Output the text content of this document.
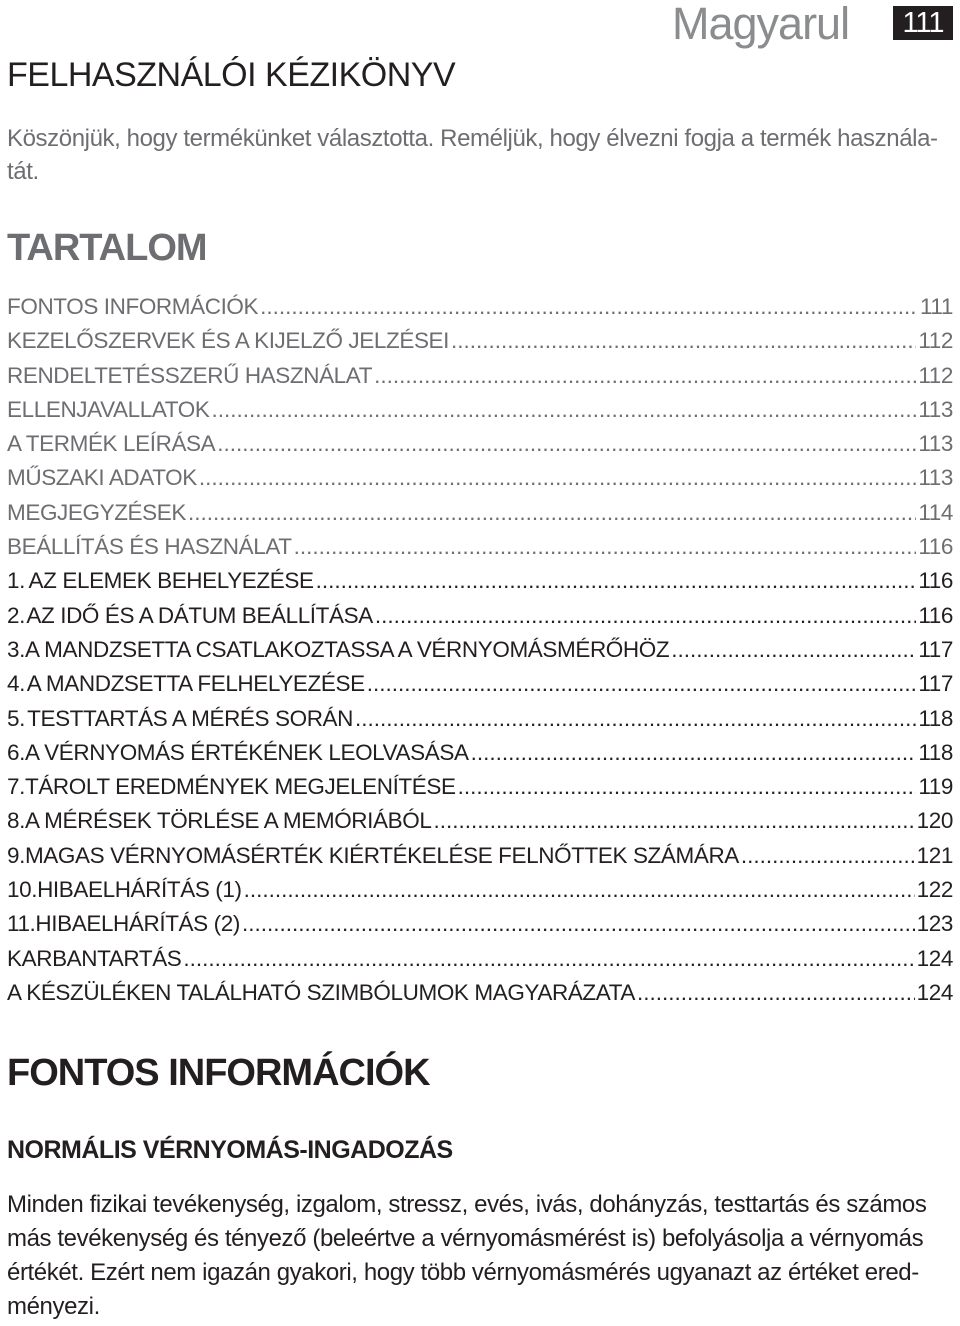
Magyarul	111
FELHASZNÁLÓI KÉZIKÖNYV
Köszönjük, hogy termékünket választotta. Reméljük, hogy élvezni fogja a termék használa-
tát.
TARTALOM
FONTOS INFORMÁCIÓK .....	111
KEZELŐSZERVEK ÉS A KIJELZŐ JELZÉSEI .....	112
RENDELTETÉSSZERŰ HASZNÁLAT .....	112
ELLENJAVALLATOK .....	113
A TERMÉK LEÍRÁSA .....	113
MŰSZAKI ADATOK .....	113
MEGJEGYZÉSEK .....	114
BEÁLLÍTÁS ÉS HASZNÁLAT .....	116
1. AZ ELEMEK BEHELYEZÉSE .....	116
2. AZ IDŐ ÉS A DÁTUM BEÁLLÍTÁSA .....	116
3. A MANDZSETTA CSATLAKOZTASSA A VÉRNYOMÁSMÉRŐHÖZ .....	117
4. A MANDZSETTA FELHELYEZÉSE .....	117
5. TESTTARTÁS A MÉRÉS SORÁN .....	118
6. A VÉRNYOMÁS ÉRTÉKÉNEK LEOLVASÁSA .....	118
7. TÁROLT EREDMÉNYEK MEGJELENÍTÉSE .....	119
8. A MÉRÉSEK TÖRLÉSE A MEMÓRIÁBÓL .....	120
9. MAGAS VÉRNYOMÁSÉRTÉK KIÉRTÉKELÉSE FELNŐTTEK SZÁMÁRA .....	121
10. HIBAELHÁRÍTÁS (1) .....	122
11. HIBAELHÁRÍTÁS (2) .....	123
KARBANTARTÁS .....	124
A KÉSZÜLÉKEN TALÁLHATÓ SZIMBÓLUMOK MAGYARÁZATA .....	124
FONTOS INFORMÁCIÓK
NORMÁLIS VÉRNYOMÁS-INGADOZÁS
Minden fizikai tevékenység, izgalom, stressz, evés, ivás, dohányzás, testtartás és számos
más tevékenység és tényező (beleértve a vérnyomásmérést is) befolyásolja a vérnyomás
értékét. Ezért nem igazán gyakori, hogy több vérnyomásmérés ugyanazt az értéket ered-
ményezi.
